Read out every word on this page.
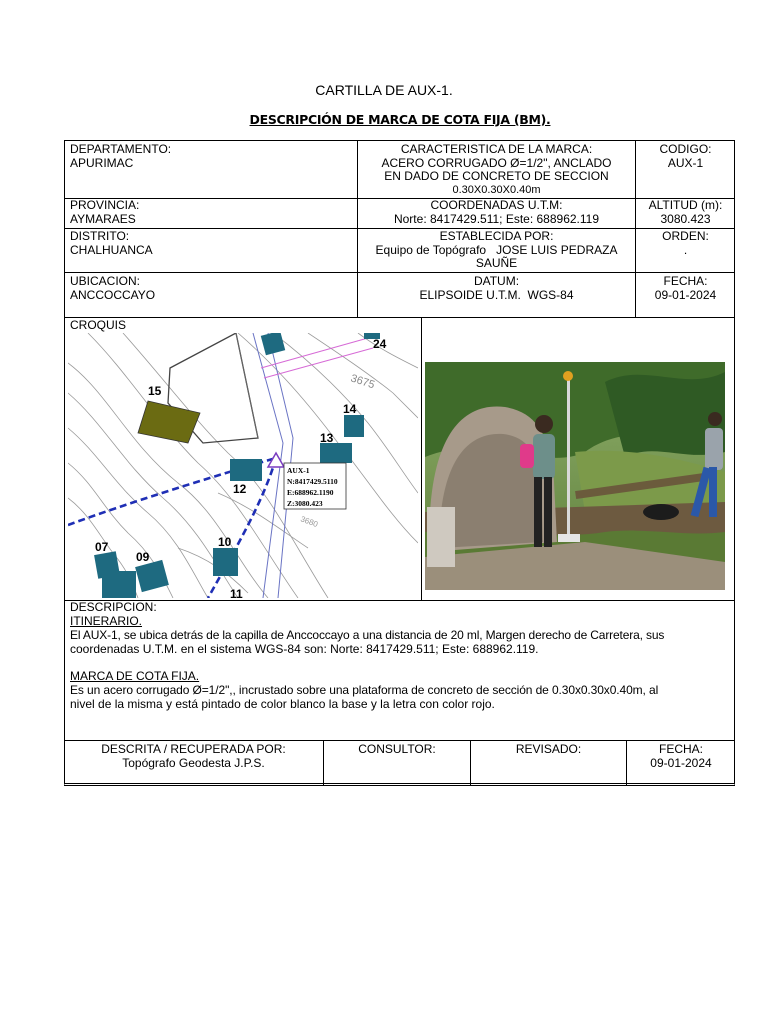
CARTILLA DE AUX-1.
DESCRIPCIÓN DE MARCA DE COTA FIJA (BM).
DEPARTAMENTO:
APURIMAC
CARACTERISTICA DE LA MARCA:
ACERO CORRUGADO Ø=1/2", ANCLADO
EN DADO DE CONCRETO DE SECCION
0.30X0.30X0.40m
CODIGO:
AUX-1
PROVINCIA:
AYMARAES
COORDENADAS U.T.M:
Norte: 8417429.511; Este: 688962.119
ALTITUD (m):
3080.423
DISTRITO:
CHALHUANCA
ESTABLECIDA POR:
Equipo de Topógrafo   JOSE LUIS PEDRAZA
SAUÑE
ORDEN:
.
UBICACION:
ANCCOCCAYO
DATUM:
ELIPSOIDE U.T.M.  WGS-84
FECHA:
09-01-2024
CROQUIS
AUX-1
N:8417429.5110
E:688962.1190
Z:3080.423
24
15
14
13
12
10
07
09
11
3675
3680
DESCRIPCION:
ITINERARIO.
El AUX-1, se ubica detrás de la capilla de Anccoccayo a una distancia de 20 ml, Margen derecho de Carretera, sus
coordenadas U.T.M. en el sistema WGS-84 son: Norte: 8417429.511; Este: 688962.119.
MARCA DE COTA FIJA.
Es un acero corrugado Ø=1/2",, incrustado sobre una plataforma de concreto de sección de 0.30x0.30x0.40m, al
nivel de la misma y está pintado de color blanco la base y la letra con color rojo.
DESCRITA / RECUPERADA POR:
Topógrafo Geodesta J.P.S.
CONSULTOR:	REVISADO:	FECHA:
09-01-2024
